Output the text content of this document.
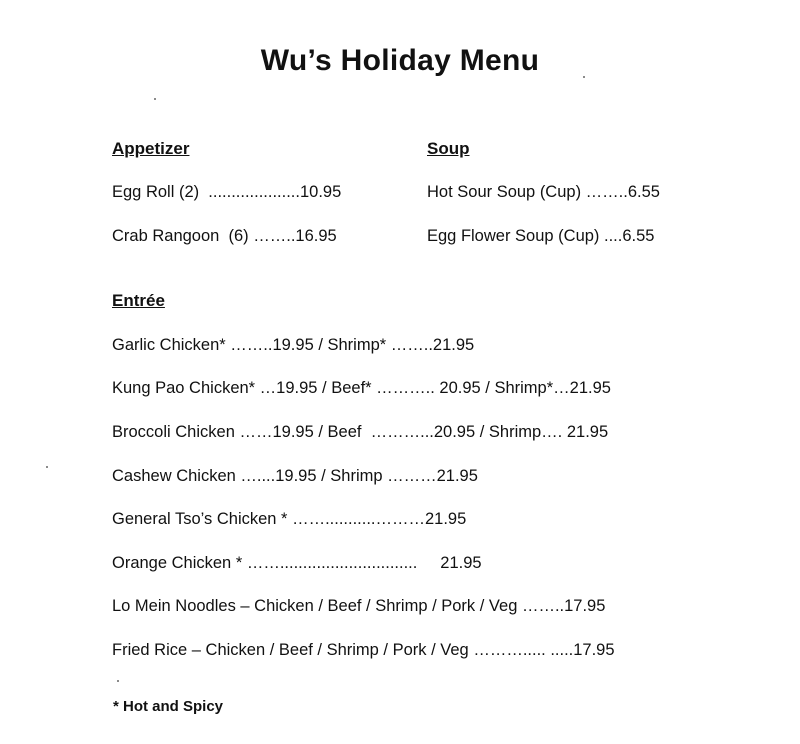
Wu’s Holiday Menu
Appetizer	Soup
Egg Roll (2)  ....................10.95
Crab Rangoon  (6) ……..16.95
Hot Sour Soup (Cup) ……..6.55
Egg Flower Soup (Cup) ....6.55
Entrée
Garlic Chicken* ……..19.95 / Shrimp* ……..21.95
Kung Pao Chicken* …19.95 / Beef* ……….. 20.95 / Shrimp*…21.95
Broccoli Chicken ……19.95 / Beef  ………...20.95 / Shrimp…. 21.95
Cashew Chicken …....19.95 / Shrimp ………21.95
General Tso’s Chicken * ……...........………21.95
Orange Chicken * ……..............................     21.95
Lo Mein Noodles – Chicken / Beef / Shrimp / Pork / Veg ……..17.95
Fried Rice – Chicken / Beef / Shrimp / Pork / Veg ………..... .....17.95
* Hot and Spicy
